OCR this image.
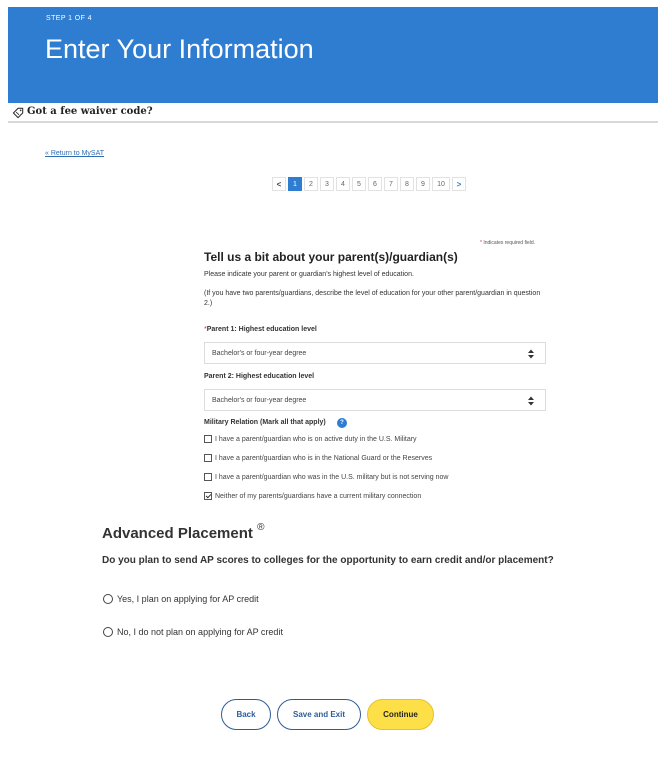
STEP 1 OF 4
Enter Your Information
Got a fee waiver code?
« Return to MySAT
<	1	2	3	4	5	6	7	8	9	10	>
* Indicates required field.
Tell us a bit about your parent(s)/guardian(s)

Please indicate your parent or guardian's highest level of education.

(If you have two parents/guardians, describe the level of education for your other parent/guardian in question 2.)

*Parent 1: Highest education level
Bachelor's or four-year degree
Parent 2: Highest education level
Bachelor's or four-year degree
Military Relation (Mark all that apply)	?
I have a parent/guardian who is on active duty in the U.S. Military
I have a parent/guardian who is in the National Guard or the Reserves
I have a parent/guardian who was in the U.S. military but is not serving now
Neither of my parents/guardians have a current military connection
Advanced Placement ®

Do you plan to send AP scores to colleges for the opportunity to earn credit and/or placement?

Yes, I plan on applying for AP credit
No, I do not plan on applying for AP credit
Back	Save and Exit	Continue
